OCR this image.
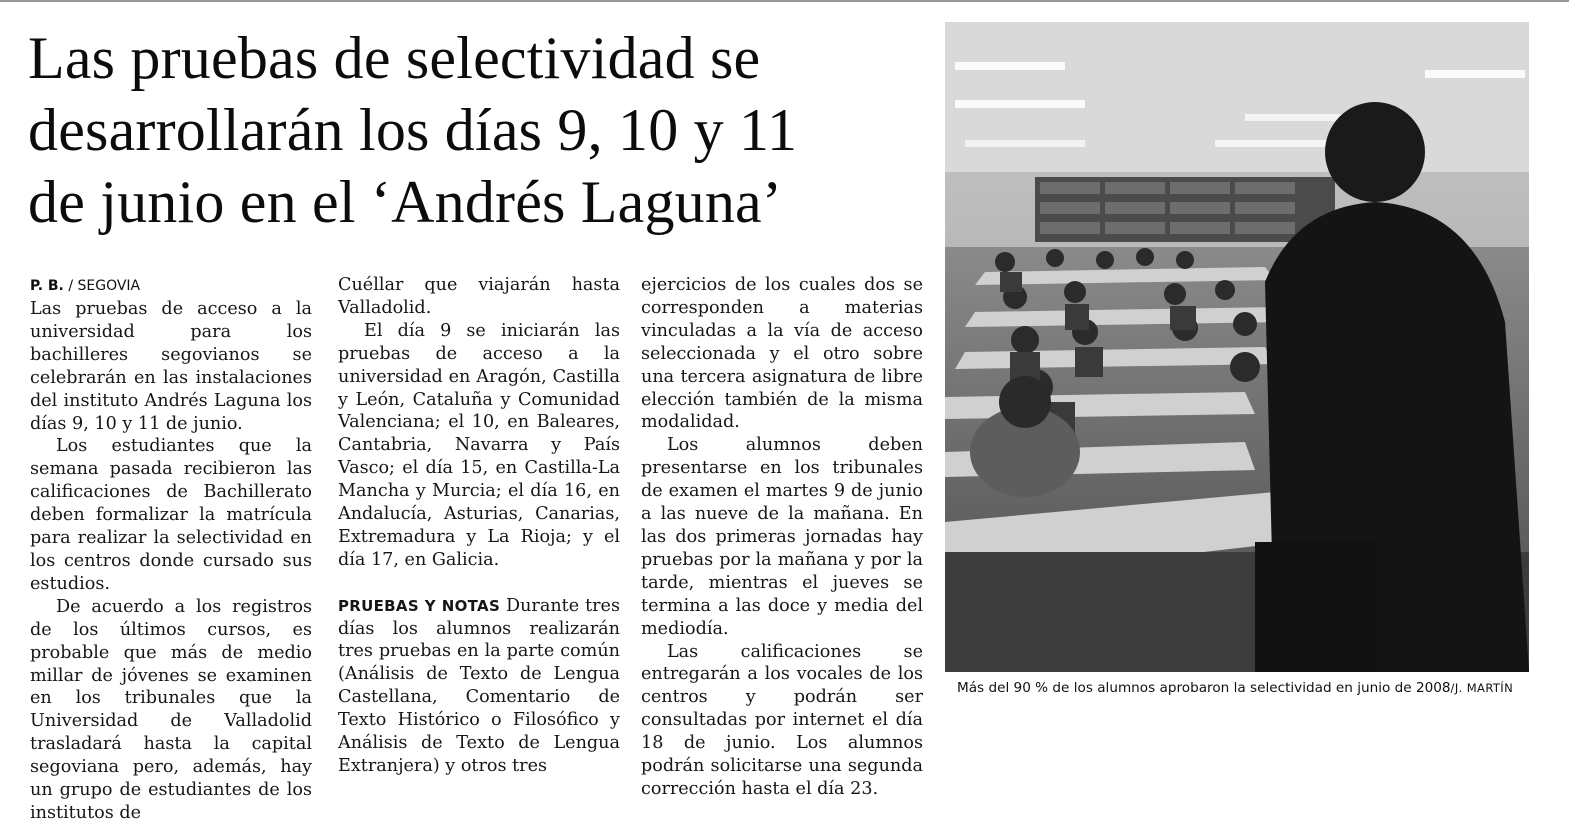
Las pruebas de selectividad se
desarrollarán los días 9, 10 y 11
de junio en el ‘Andrés Laguna’
P. B. / SEGOVIA

Las pruebas de acceso a la universidad para los bachilleres segovianos se celebrarán en las instalaciones del instituto Andrés Laguna los días 9, 10 y 11 de junio.

Los estudiantes que la semana pasada recibieron las calificaciones de Bachillerato deben formalizar la matrícula para realizar la selectividad en los centros donde cursado sus estudios.

De acuerdo a los registros de los últimos cursos, es probable que más de medio millar de jóvenes se examinen en los tribunales que la Universidad de Valladolid trasladará hasta la capital segoviana pero, además, hay un grupo de estudiantes de los institutos de

Cuéllar que viajarán hasta Valladolid.

El día 9 se iniciarán las pruebas de acceso a la universidad en Aragón, Castilla y León, Cataluña y Comunidad Valenciana; el 10, en Baleares, Cantabria, Navarra y País Vasco; el día 15, en Castilla-La Mancha y Murcia; el día 16, en Andalucía, Asturias, Canarias, Extremadura y La Rioja; y el día 17, en Galicia.

PRUEBAS Y NOTAS Durante tres días los alumnos realizarán tres pruebas en la parte común (Análisis de Texto de Lengua Castellana, Comentario de Texto Histórico o Filosófico y Análisis de Texto de Lengua Extranjera) y otros tres

ejercicios de los cuales dos se corresponden a materias vinculadas a la vía de acceso seleccionada y el otro sobre una tercera asignatura de libre elección también de la misma modalidad.

Los alumnos deben presentarse en los tribunales de examen el martes 9 de junio a las nueve de la mañana. En las dos primeras jornadas hay pruebas por la mañana y por la tarde, mientras el jueves se termina a las doce y media del mediodía.

Las calificaciones se entregarán a los vocales de los centros y podrán ser consultadas por internet el día 18 de junio. Los alumnos podrán solicitarse una segunda corrección hasta el día 23.

Más del 90 % de los alumnos aprobaron la selectividad en junio de 2008/J. MARTÍN
